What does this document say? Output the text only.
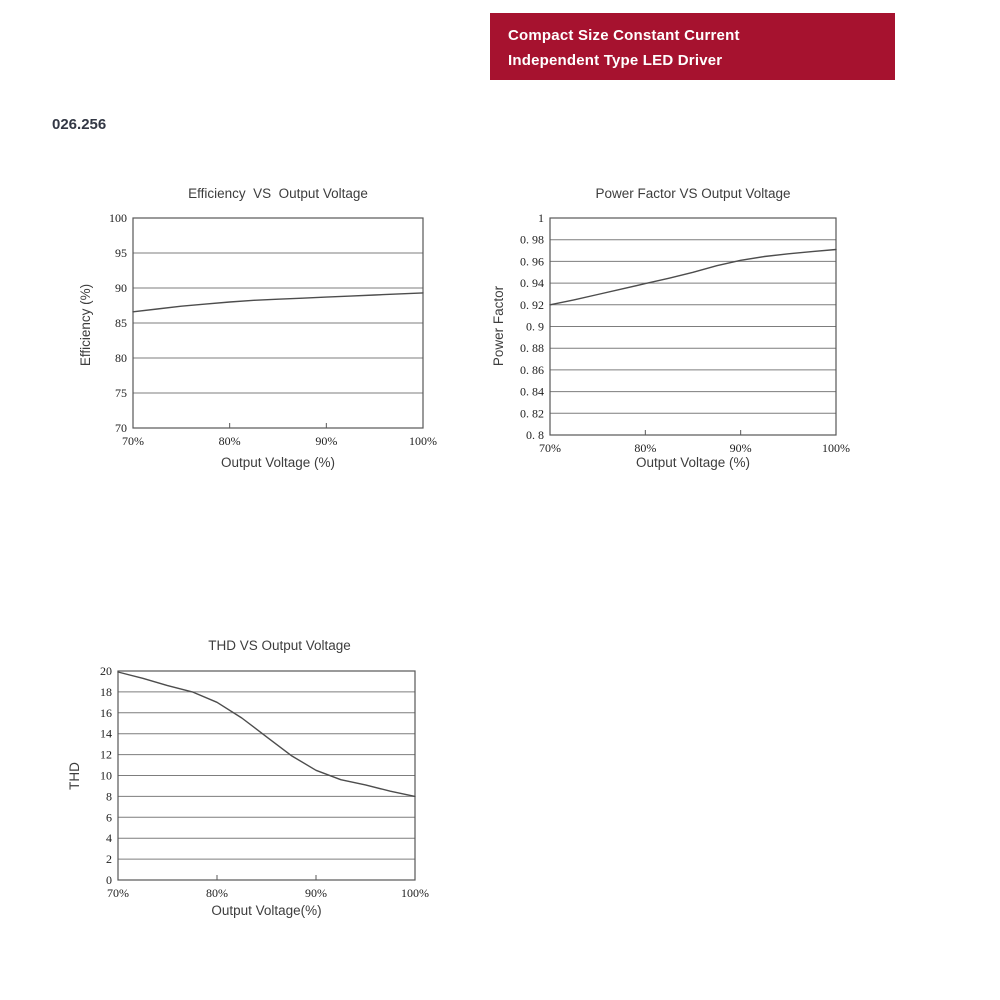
Compact Size Constant Current
Independent Type LED Driver
026.256
Efficiency  VS  Output Voltage
Efficiency (%)
70
75
80
85
90
95
100
70%	80%	90%	100%
Output Voltage (%)
Power Factor VS Output Voltage
Power Factor
0. 8
0. 82
0. 84
0. 86
0. 88
0. 9
0. 92
0. 94
0. 96
0. 98
1
70%	80%	90%	100%
Output Voltage (%)
THD VS Output Voltage
THD
0
2
4
6
8
10
12
14
16
18
20
70%	80%	90%	100%
Output Voltage(%)
